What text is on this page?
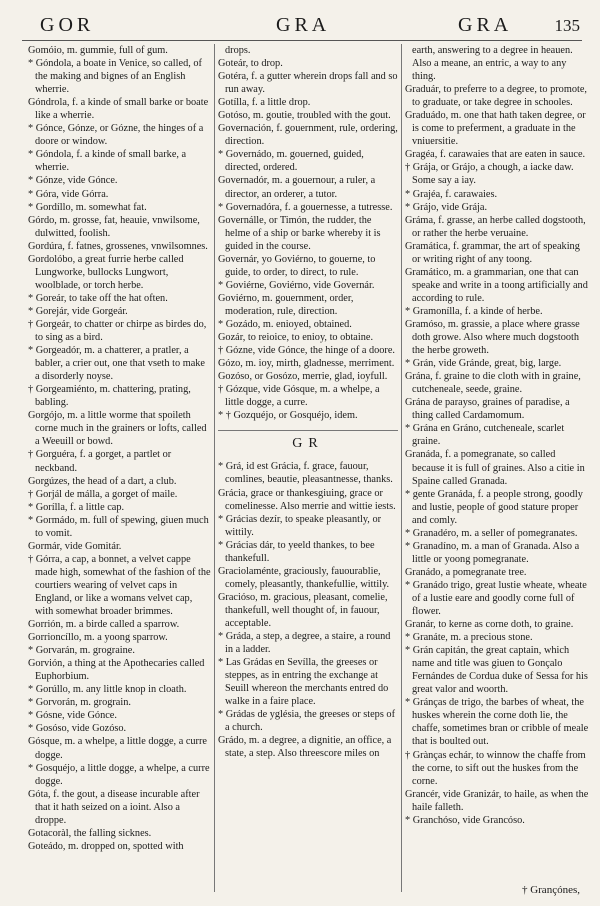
GOR	GRA	GRA 135

Gomóio, m. gummie, full of gum.

* Góndola, a boate in Venice, so called, of the making and bignes of an English wherrie.

Góndrola, f. a kinde of small barke or boate like a wherrie.

* Gónce, Gónze, or Gózne, the hinges of a doore or window.

* Góndola, f. a kinde of small barke, a wherrie.

* Gónze, vide Gónce.

* Góra, vide Górra.

* Gordíllo, m. somewhat fat.

Górdo, m. grosse, fat, heauie, vnwilsome, dulwitted, foolish.

Gordúra, f. fatnes, grossenes, vnwilsomnes.

Gordolóbo, a great furrie herbe called Lungworke, bullocks Lungwort, woolblade, or torch herbe.

* Goreár, to take off the hat often.

* Gorejár, vide Gorgeár.

† Gorgeár, to chatter or chirpe as birdes do, to sing as a bird.

* Gorgeadór, m. a chatterer, a pratler, a babler, a crier out, one that vseth to make a disorderly noyse.

† Gorgeamiénto, m. chattering, prating, babling.

Gorgójo, m. a little worme that spoileth corne much in the grainers or lofts, called a Weeuill or bowd.

† Gorguéra, f. a gorget, a partlet or neckband.

Gorgúzes, the head of a dart, a club.

† Gorjál de málla, a gorget of maile.

* Gorílla, f. a little cap.

* Gormádo, m. full of spewing, giuen much to vomit.

Gormár, vide Gomitár.

† Górra, a cap, a bonnet, a velvet cappe made high, somewhat of the fashion of the courtiers wearing of velvet caps in England, or like a womans velvet cap, with somewhat broader brimmes.

Gorrión, m. a birde called a sparrow.

Gorrioncíllo, m. a yoong sparrow.

* Gorvarán, m. grograine.

Gorvión, a thing at the Apothecaries called Euphorbium.

* Gorúllo, m. any little knop in cloath.

* Gorvorán, m. grograin.

* Gósne, vide Gónce.

* Gosóso, vide Gozóso.

Gósque, m. a whelpe, a little dogge, a curre dogge.

* Gosquéjo, a little dogge, a whelpe, a curre dogge.

Góta, f. the gout, a disease incurable after that it hath seized on a ioint. Also a droppe.

Gotacoràl, the falling sicknes.

Goteádo, m. dropped on, spotted with

drops.

Goteár, to drop.

Gotéra, f. a gutter wherein drops fall and so run away.

Gotílla, f. a little drop.

Gotóso, m. goutie, troubled with the gout.

Governación, f. gouernment, rule, ordering, direction.

* Governádo, m. gouerned, guided, directed, ordered.

Governadór, m. a gouernour, a ruler, a director, an orderer, a tutor.

* Governadóra, f. a gouernesse, a tutresse.

Governálle, or Timón, the rudder, the helme of a ship or barke whereby it is guided in the course.

Governár, yo Goviérno, to gouerne, to guide, to order, to direct, to rule.

* Goviérne, Goviérno, vide Governár.

Goviérno, m. gouernment, order, moderation, rule, direction.

* Gozádo, m. enioyed, obtained.

Gozár, to reioice, to enioy, to obtaine.

† Gózne, vide Gónce, the hinge of a doore.

Gózo, m. ioy, mirth, gladnesse, merriment.

Gozóso, or Gosózo, merrie, glad, ioyfull.

† Gózque, vide Gósque, m. a whelpe, a little dogge, a curre.

* † Gozquéjo, or Gosquéjo, idem.

GR

* Grá, id est Grácia, f. grace, fauour, comlines, beautie, pleasantnesse, thanks.

Grácia, grace or thankesgiuing, grace or comelinesse. Also merrie and wittie iests.

* Grácias dezír, to speake pleasantly, or wittily.

* Grácias dár, to yeeld thankes, to bee thankefull.

Graciolaménte, graciously, fauourablie, comely, pleasantly, thankefullie, wittily.

Gracióso, m. gracious, pleasant, comelie, thankefull, well thought of, in fauour, acceptable.

* Gráda, a step, a degree, a staire, a round in a ladder.

* Las Grádas en Sevílla, the greeses or steppes, as in entring the exchange at Seuill whereon the merchants entred do walke in a faire place.

* Grádas de yglésia, the greeses or steps of a church.

Grádo, m. a degree, a dignitie, an office, a state, a step. Also threescore miles on

earth, answering to a degree in heauen. Also a meane, an entric, a way to any thing.

Graduár, to preferre to a degree, to promote, to graduate, or take degree in schooles.

Graduádo, m. one that hath taken degree, or is come to preferment, a graduate in the vniuersitie.

Gragéa, f. carawaies that are eaten in sauce.

† Grája, or Grájo, a chough, a iacke daw. Some say a iay.

* Grajéa, f. carawaies.

* Grájo, vide Grája.

Gráma, f. grasse, an herbe called dogstooth, or rather the herbe veruaine.

Gramática, f. grammar, the art of speaking or writing right of any toong.

Gramático, m. a grammarian, one that can speake and write in a toong artificially and according to rule.

* Gramonílla, f. a kinde of herbe.

Gramóso, m. grassie, a place where grasse doth growe. Also where much dogstooth the herbe groweth.

* Grán, vide Gránde, great, big, large.

Grána, f. graine to die cloth with in graine, cutcheneale, seede, graine.

Grána de parayso, graines of paradise, a thing called Cardamomum.

* Grána en Gráno, cutcheneale, scarlet graine.

Granáda, f. a pomegranate, so called because it is full of graines. Also a citie in Spaine called Granada.

* gente Granáda, f. a people strong, goodly and lustie, people of good stature proper and comly.

* Granadéro, m. a seller of pomegranates.

* Granadíno, m. a man of Granada. Also a little or yoong pomegranate.

Granádo, a pomegranate tree.

* Granádo trigo, great lustie wheate, wheate of a lustie eare and goodly corne full of flower.

Granár, to kerne as corne doth, to graine.

* Granáte, m. a precious stone.

* Grán capitán, the great captain, which name and title was giuen to Gonçalo Fernándes de Cordua duke of Sessa for his great valor and woorth.

* Gránças de trigo, the barbes of wheat, the huskes wherein the corne doth lie, the chaffe, sometimes bran or cribble of meale that is boulted out.

† Grànças echár, to winnow the chaffe from the corne, to sift out the huskes from the corne.

Grancér, vide Granizár, to haile, as when the haile falleth.

* Granchóso, vide Grancóso.

† Grançónes,
